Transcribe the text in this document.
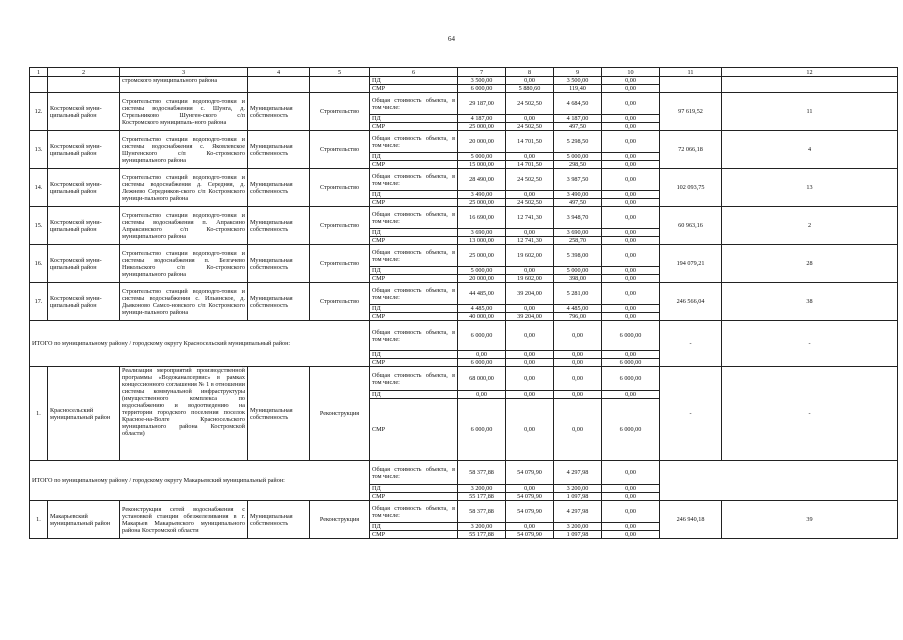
64
1	2	3	4	5	6	7	8	9	10	11	12
		стромского муниципального района			ПД	3 500,00	0,00	3 500,00	0,00		
					СМР	6 000,00	5 880,60	119,40	0,00		
12.	Костромской муни-ципальный район	Строительство станции водоподго-товки и системы водоснабжения с. Шунга, д. Стрельниково Шунген-ского с/п Костромского муниципаль-ного района	Муниципальная собственность	Строительство	Общая стоимость объекта, в том числе:	29 187,00	24 502,50	4 684,50	0,00	97 619,52	11
					ПД	4 187,00	0,00	4 187,00	0,00		
					СМР	25 000,00	24 502,50	497,50	0,00		
13.	Костромской муни-ципальный район	Строительство станции водоподго-товки и системы водоснабжения с. Яковлевское Шунгенского с/п Ко-стромского муниципального района	Муниципальная собственность	Строительство	Общая стоимость объекта, в том числе:	20 000,00	14 701,50	5 298,50	0,00	72 066,18	4
					ПД	5 000,00	0,00	5 000,00	0,00		
					СМР	15 000,00	14 701,50	298,50	0,00		
14.	Костромской муни-ципальный район	Строительство станций водоподго-товки и системы водоснабжения д. Середняя, д. Лежнево Середняков-ского с/п Костромского муници-пального района	Муниципальная собственность	Строительство	Общая стоимость объекта, в том числе:	28 490,00	24 502,50	3 987,50	0,00	102 093,75	13
					ПД	3 490,00	0,00	3 490,00	0,00		
					СМР	25 000,00	24 502,50	497,50	0,00		
15.	Костромской муни-ципальный район	Строительство станции водоподго-товки и системы водоснабжения п. Апраксино Апраксинского с/п Ко-стромского муниципального района	Муниципальная собственность	Строительство	Общая стоимость объекта, в том числе:	16 690,00	12 741,30	3 948,70	0,00	60 963,16	2
					ПД	3 690,00	0,00	3 690,00	0,00		
					СМР	13 000,00	12 741,30	258,70	0,00		
16.	Костромской муни-ципальный район	Строительство станции водоподго-товки и системы водоснабжения п. Безгачево Никольского с/п Ко-стромского муниципального района	Муниципальная собственность	Строительство	Общая стоимость объекта, в том числе:	25 000,00	19 602,00	5 398,00	0,00	194 079,21	28
					ПД	5 000,00	0,00	5 000,00	0,00		
					СМР	20 000,00	19 602,00	398,00	0,00		
17.	Костромской муни-ципальный район	Строительство станций водоподго-товки и системы водоснабжения с. Ильинское, д. Дьяконово Самсо-новского с/п Костромского муници-пального района	Муниципальная собственность	Строительство	Общая стоимость объекта, в том числе:	44 485,00	39 204,00	5 281,00	0,00	246 566,04	38
					ПД	4 485,00	0,00	4 485,00	0,00		
					СМР	40 000,00	39 204,00	796,00	0,00		
ИТОГО по муниципальному району / городскому округу Красносельский муниципальный район:					Общая стоимость объекта, в том числе:	6 000,00	0,00	0,00	6 000,00	-	-
					ПД	0,00	0,00	0,00	0,00		
					СМР	6 000,00	0,00	0,00	6 000,00		
1.	Красносельский муниципальный район	Реализация мероприятий производственной программы «Водоканалсервис» в рамках концессионного соглашения № 1 в отношении системы коммунальной инфраструктуры (имущественного комплекса по водоснабжению и водоотведению на территории городского поселения поселок Красное-на-Волге Красносельского муниципального района Костромской области)	Муниципальная собственность	Реконструкция	Общая стоимость объекта, в том числе:	68 000,00	0,00	0,00	6 000,00	-	-
					ПД	0,00	0,00	0,00	0,00		
					СМР	6 000,00	0,00	0,00	6 000,00		
ИТОГО по муниципальному району / городскому округу Макарьевский муниципальный район:					Общая стоимость объекта, в том числе:	58 377,88	54 079,90	4 297,98	0,00		
					ПД	3 200,00	0,00	3 200,00	0,00		
					СМР	55 177,88	54 079,90	1 097,98	0,00		
1.	Макарьевский муниципальный район	Реконструкция сетей водоснабжения с установкой станции обезжелезивания в г. Макарьев Макарьевского муниципального района Костромской области	Муниципальная собственность	Реконструкция	Общая стоимость объекта, в том числе:	58 377,88	54 079,90	4 297,98	0,00	246 940,18	39
					ПД	3 200,00	0,00	3 200,00	0,00		
					СМР	55 177,88	54 079,90	1 097,98	0,00		
